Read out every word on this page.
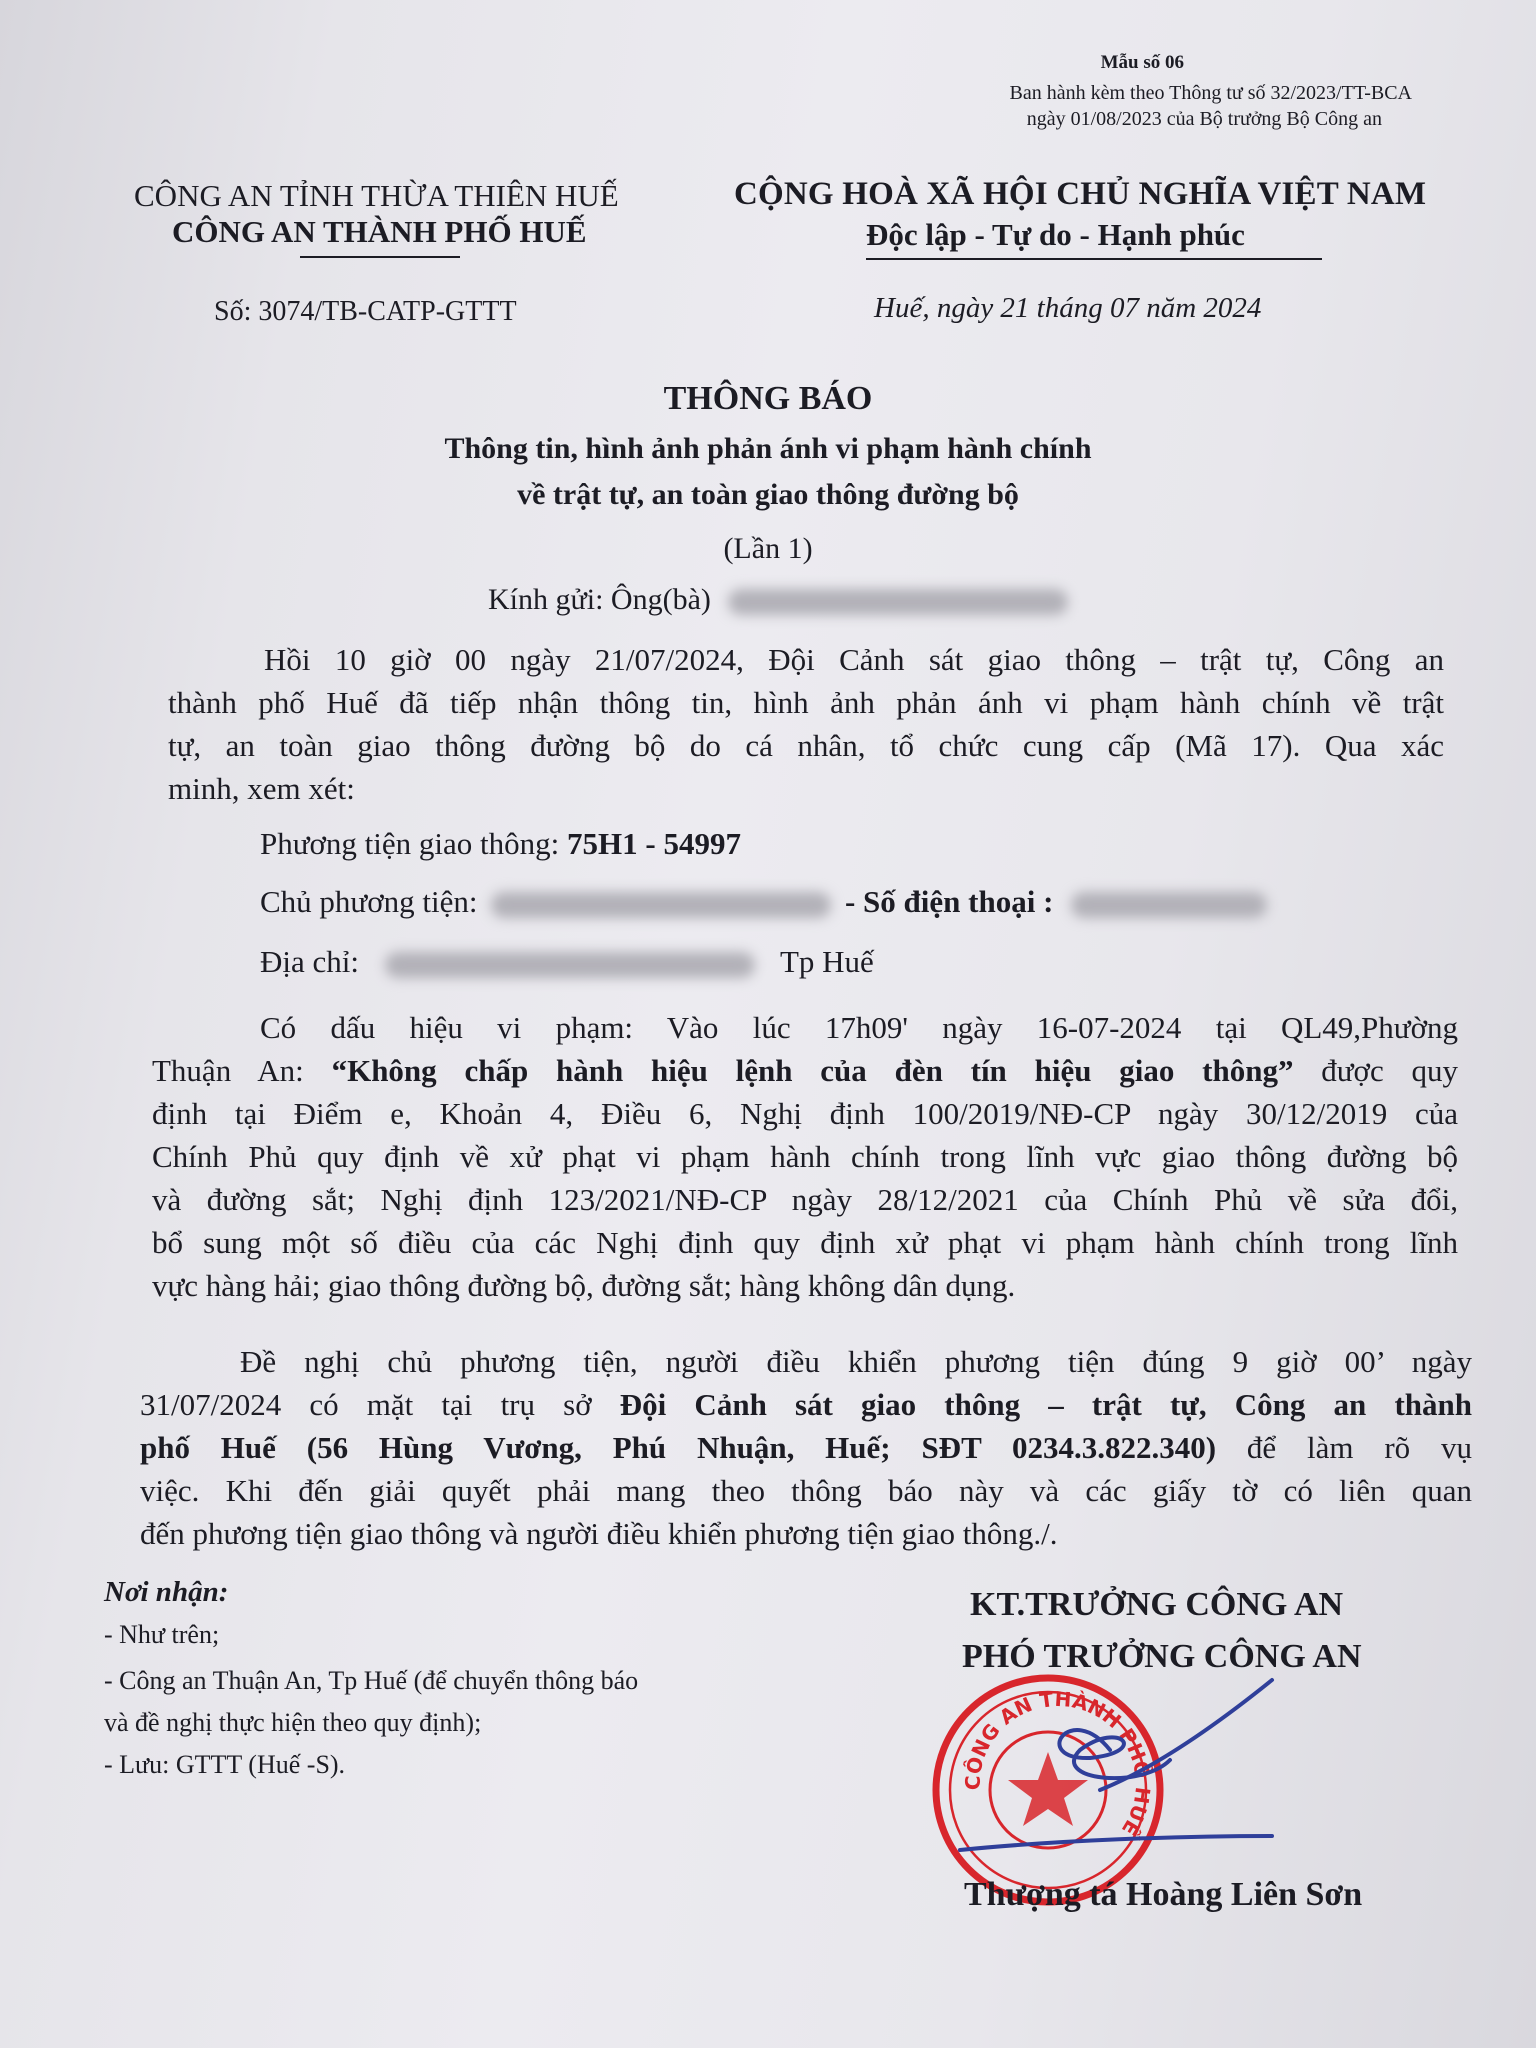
Mẫu số 06
Ban hành kèm theo Thông tư số 32/2023/TT-BCA
ngày 01/08/2023 của Bộ trưởng Bộ Công an
CÔNG AN TỈNH THỪA THIÊN HUẾ
CÔNG AN THÀNH PHỐ HUẾ
CỘNG HOÀ XÃ HỘI CHỦ NGHĨA VIỆT NAM
Độc lập - Tự do - Hạnh phúc
Số: 3074/TB-CATP-GTTT	Huế, ngày 21 tháng 07 năm 2024
THÔNG BÁO
Thông tin, hình ảnh phản ánh vi phạm hành chính
về trật tự, an toàn giao thông đường bộ
(Lần 1)
Kính gửi: Ông(bà)
Hồi 10 giờ 00 ngày 21/07/2024, Đội Cảnh sát giao thông – trật tự, Công an
thành phố Huế đã tiếp nhận thông tin, hình ảnh phản ánh vi phạm hành chính về trật
tự, an toàn giao thông đường bộ do cá nhân, tổ chức cung cấp (Mã 17). Qua xác
minh, xem xét:
Phương tiện giao thông: 75H1 - 54997
Chủ phương tiện:	- Số điện thoại :
Địa chỉ:	Tp Huế
Có dấu hiệu vi phạm: Vào lúc 17h09' ngày 16-07-2024 tại QL49,Phường
Thuận An: “Không chấp hành hiệu lệnh của đèn tín hiệu giao thông” được quy
định tại Điểm e, Khoản 4, Điều 6, Nghị định 100/2019/NĐ-CP ngày 30/12/2019 của
Chính Phủ quy định về xử phạt vi phạm hành chính trong lĩnh vực giao thông đường bộ
và đường sắt; Nghị định 123/2021/NĐ-CP ngày 28/12/2021 của Chính Phủ về sửa đổi,
bổ sung một số điều của các Nghị định quy định xử phạt vi phạm hành chính trong lĩnh
vực hàng hải; giao thông đường bộ, đường sắt; hàng không dân dụng.
Đề nghị chủ phương tiện, người điều khiển phương tiện đúng 9 giờ 00’ ngày
31/07/2024 có mặt tại trụ sở Đội Cảnh sát giao thông – trật tự, Công an thành
phố Huế (56 Hùng Vương, Phú Nhuận, Huế; SĐT 0234.3.822.340) để làm rõ vụ
việc. Khi đến giải quyết phải mang theo thông báo này và các giấy tờ có liên quan
đến phương tiện giao thông và người điều khiển phương tiện giao thông./.
Nơi nhận:
- Như trên;
- Công an Thuận An, Tp Huế (để chuyển thông báo
và đề nghị thực hiện theo quy định);
- Lưu: GTTT (Huế -S).
CÔNG AN THÀNH PHỐ HUẾ
KT.TRƯỞNG CÔNG AN
PHÓ TRƯỞNG CÔNG AN
Thượng tá Hoàng Liên Sơn
